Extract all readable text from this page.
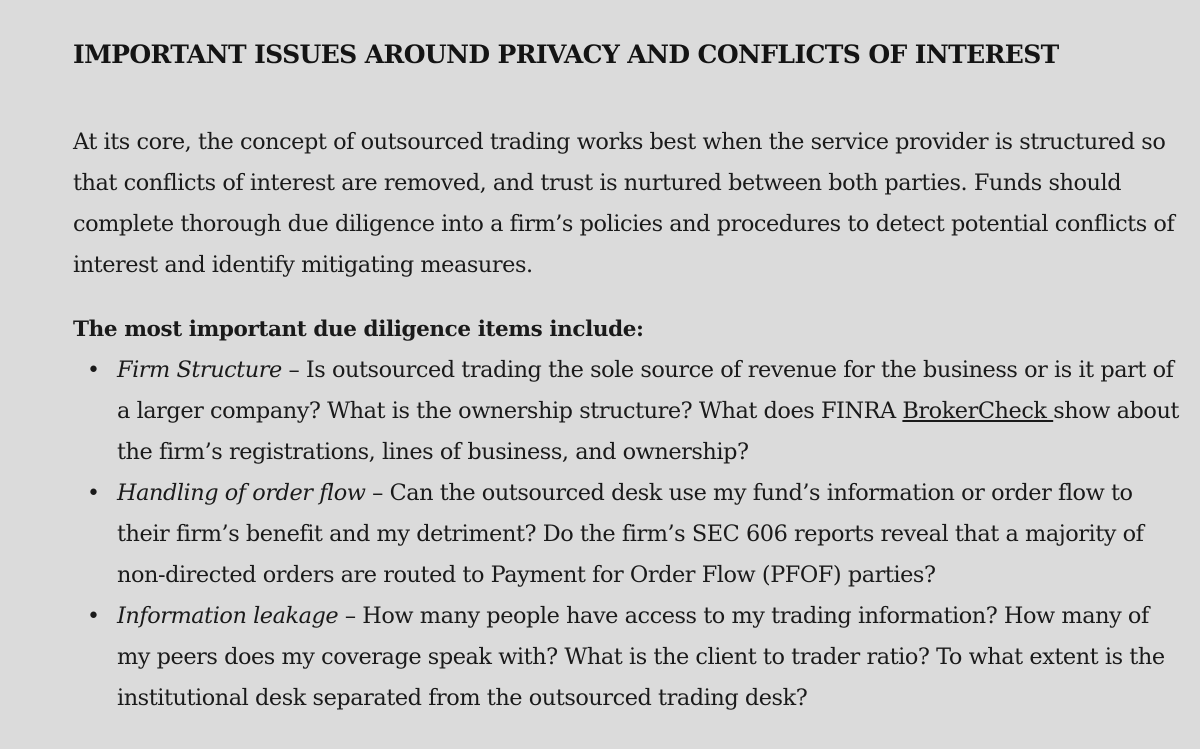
IMPORTANT ISSUES AROUND PRIVACY AND CONFLICTS OF INTEREST

At its core, the concept of outsourced trading works best when the service provider is structured so that conflicts of interest are removed, and trust is nurtured between both parties. Funds should complete thorough due diligence into a firm’s policies and procedures to detect potential conflicts of interest and identify mitigating measures.

The most important due diligence items include:
• Firm Structure – Is outsourced trading the sole source of revenue for the business or is it part of a larger company? What is the ownership structure? What does FINRA BrokerCheck show about the firm’s registrations, lines of business, and ownership?
• Handling of order flow – Can the outsourced desk use my fund’s information or order flow to their firm’s benefit and my detriment? Do the firm’s SEC 606 reports reveal that a majority of non-directed orders are routed to Payment for Order Flow (PFOF) parties?
• Information leakage – How many people have access to my trading information? How many of my peers does my coverage speak with? What is the client to trader ratio? To what extent is the institutional desk separated from the outsourced trading desk?
